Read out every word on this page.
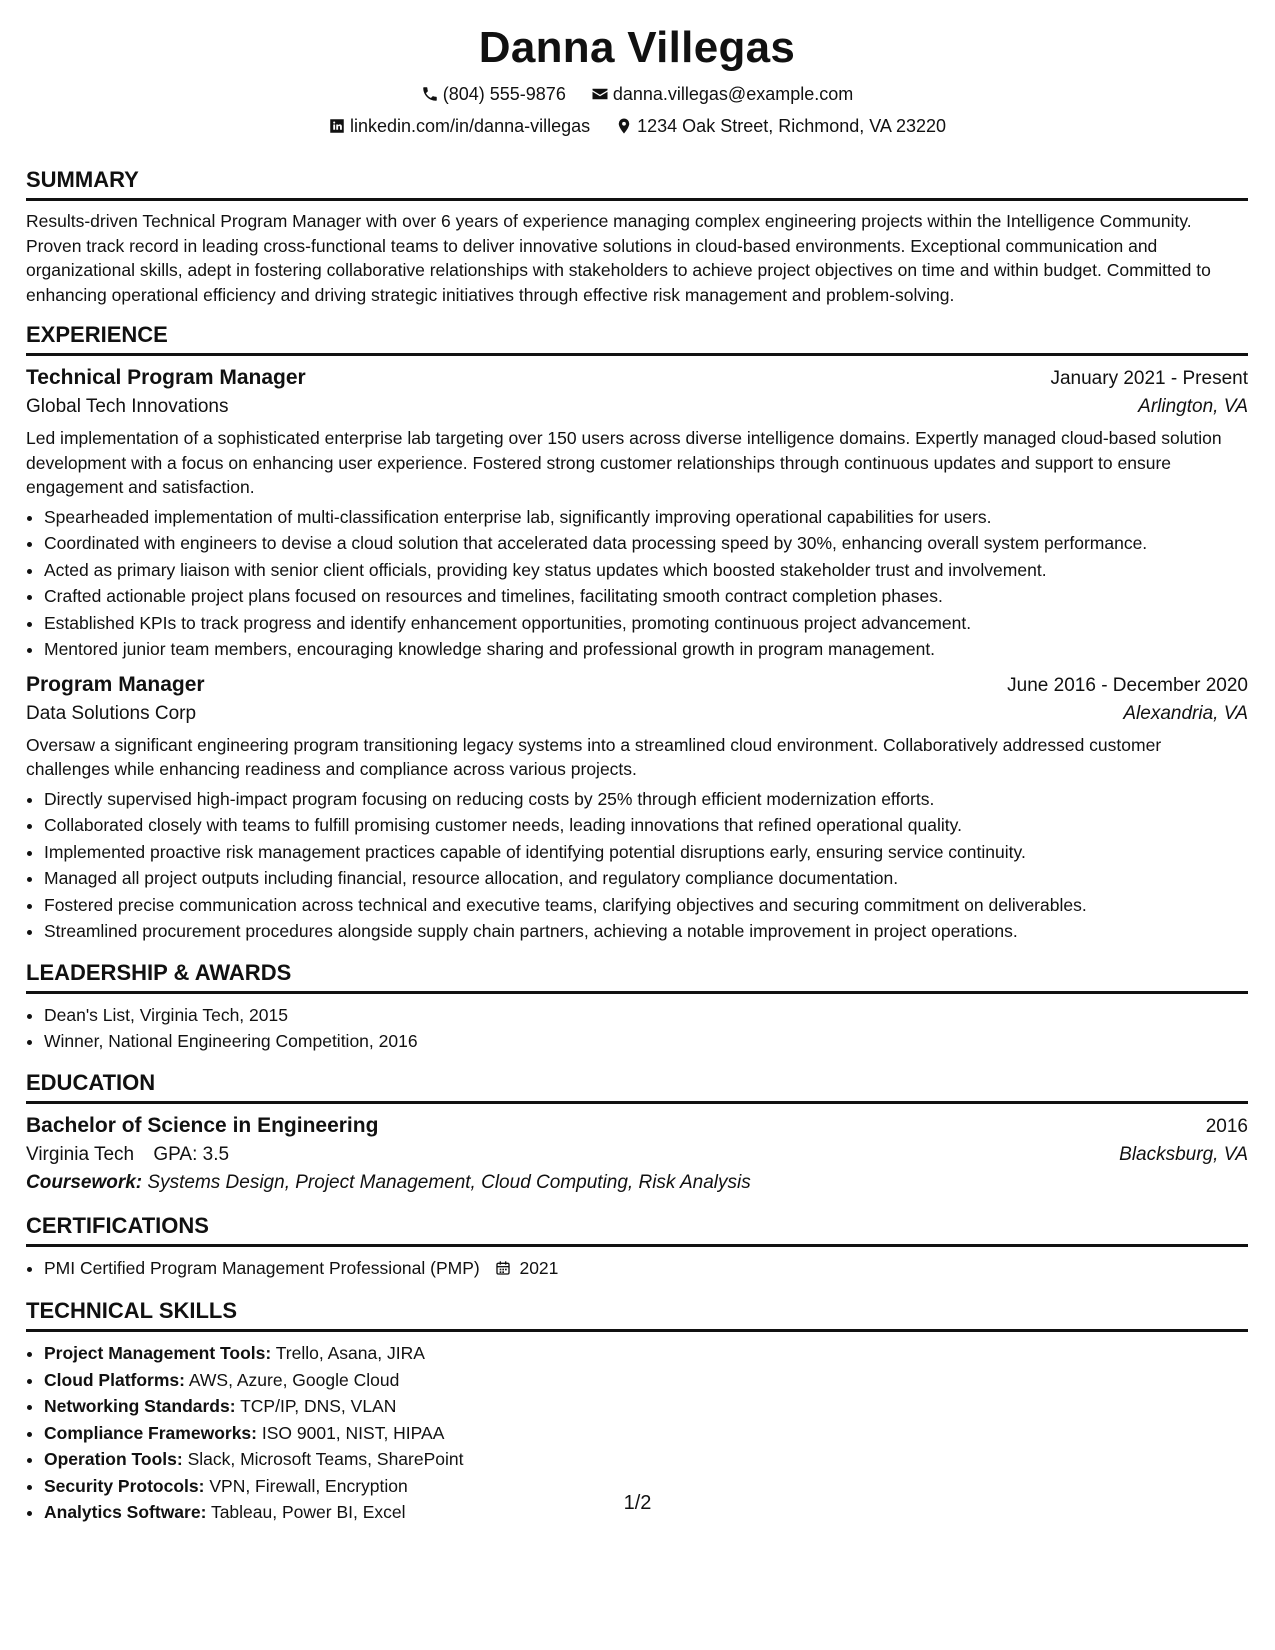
Danna Villegas
(804) 555-9876
	danna.villegas@example.com
linkedin.com/in/danna-villegas
	1234 Oak Street, Richmond, VA 23220
SUMMARY

Results-driven Technical Program Manager with over 6 years of experience managing complex engineering projects within the Intelligence Community. Proven track record in leading cross-functional teams to deliver innovative solutions in cloud-based environments. Exceptional communication and organizational skills, adept in fostering collaborative relationships with stakeholders to achieve project objectives on time and within budget. Committed to enhancing operational efficiency and driving strategic initiatives through effective risk management and problem-solving.

EXPERIENCE
Technical Program Manager	January 2021 - Present
Global Tech Innovations	Arlington, VA

Led implementation of a sophisticated enterprise lab targeting over 150 users across diverse intelligence domains. Expertly managed cloud-based solution development with a focus on enhancing user experience. Fostered strong customer relationships through continuous updates and support to ensure engagement and satisfaction.

• Spearheaded implementation of multi-classification enterprise lab, significantly improving operational capabilities for users.
• Coordinated with engineers to devise a cloud solution that accelerated data processing speed by 30%, enhancing overall system performance.
• Acted as primary liaison with senior client officials, providing key status updates which boosted stakeholder trust and involvement.
• Crafted actionable project plans focused on resources and timelines, facilitating smooth contract completion phases.
• Established KPIs to track progress and identify enhancement opportunities, promoting continuous project advancement.
• Mentored junior team members, encouraging knowledge sharing and professional growth in program management.
Program Manager	June 2016 - December 2020
Data Solutions Corp	Alexandria, VA

Oversaw a significant engineering program transitioning legacy systems into a streamlined cloud environment. Collaboratively addressed customer challenges while enhancing readiness and compliance across various projects.

• Directly supervised high-impact program focusing on reducing costs by 25% through efficient modernization efforts.
• Collaborated closely with teams to fulfill promising customer needs, leading innovations that refined operational quality.
• Implemented proactive risk management practices capable of identifying potential disruptions early, ensuring service continuity.
• Managed all project outputs including financial, resource allocation, and regulatory compliance documentation.
• Fostered precise communication across technical and executive teams, clarifying objectives and securing commitment on deliverables.
• Streamlined procurement procedures alongside supply chain partners, achieving a notable improvement in project operations.
LEADERSHIP & AWARDS
• Dean's List, Virginia Tech, 2015
• Winner, National Engineering Competition, 2016
EDUCATION
Bachelor of Science in Engineering	2016
Virginia Tech GPA: 3.5	Blacksburg, VA
Coursework: Systems Design, Project Management, Cloud Computing, Risk Analysis
CERTIFICATIONS
• PMI Certified Program Management Professional (PMP) 2021
TECHNICAL SKILLS
• Project Management Tools: Trello, Asana, JIRA
• Cloud Platforms: AWS, Azure, Google Cloud
• Networking Standards: TCP/IP, DNS, VLAN
• Compliance Frameworks: ISO 9001, NIST, HIPAA
• Operation Tools: Slack, Microsoft Teams, SharePoint
• Security Protocols: VPN, Firewall, Encryption
• Analytics Software: Tableau, Power BI, Excel	1/2
